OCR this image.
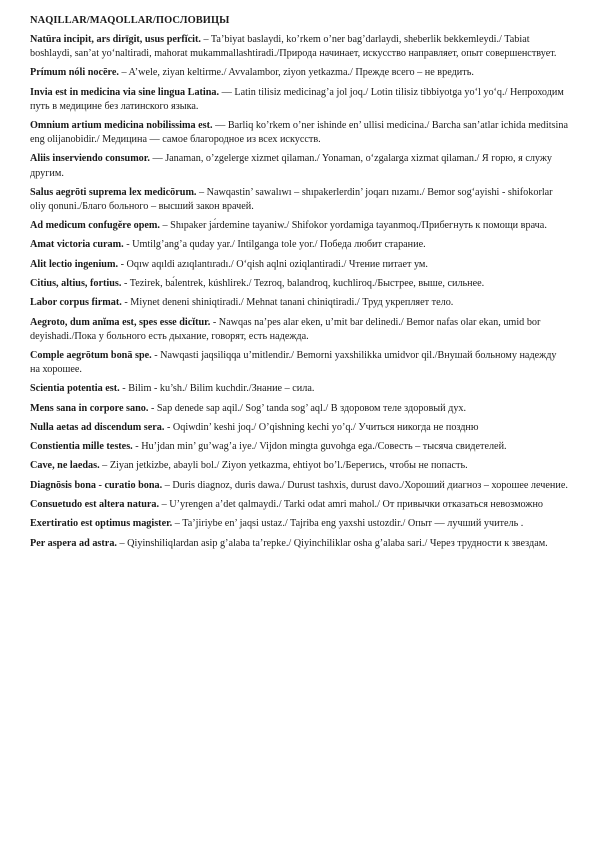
NAQILLAR/MAQOLLAR/ПОСЛОВИЦЫ

Natūra incipit, ars dirīgit, usus perfĭcit. – Ta’biyat baslaydi, ko’rkem o’ner bag’darlaydi, sheberlik bekkemleydi./ Tabiat boshlaydi, san’at yo‘naltiradi, mahorat mukammallashtiradi./Природа начинает, искусство направляет, опыт совершенствует.

Prímum nóli nocēre. – A’wele, ziyan keltirme./ Avvalambor, ziyon yetkazma./ Прежде всего – не вредить.

Invia est in medicina via sine lingua Latina. — Latin tilisiz medicinag’a jol joq./ Lotin tilisiz tibbiyotga yo‘l yo‘q./ Непроходим путь в медицине без латинского языка.

Omnium artium medicina nobilissima est. — Barliq ko’rkem o’ner ishinde en’ ullisi medicina./ Barcha san’atlar ichida meditsina eng olijanobidir./ Медицина — самое благородное из всех искусств.

Aliis inserviendo consumor. — Janaman, o’zgelerge xizmet qilaman./ Yonaman, o‘zgalarga xizmat qilaman./ Я горю, я служу другим.

Salus aegrōti suprema lex medicōrum. – Nawqastin’ sawalıwı – shıpakerlerdin’ joqarı nızamı./ Bemor sog‘ayishi - shifokorlar oliy qonuni./Благо больного – высший закон врачей.

Ad medicum confugĕre opem. – Shıpaker jа́rdemine tayaniw./ Shifokor yordamiga tayanmoq./Прибегнуть к помощи врача.

Amat victoria curam. - Umtilg’ang’a quday yar./ Intilganga tole yor./ Победа любит старание.

Alit lectio ingenium. - Oqıw aqıldi azıqlantıradı./ O‘qish aqlni oziqlantiradi./ Чтение питает ум.

Citius, altius, fortius. - Tezirek, bа́lentrek, kúshlirek./ Tezroq, balandroq, kuchliroq./Быстрее, выше, сильнее.

Labor corpus firmat. - Miynet deneni shiniqtiradi./ Mehnat tanani chiniqtiradi./ Труд укрепляет тело.

Aegroto, dum anĭma est, spes esse dicĭtur. - Nawqas na’pes alar eken, u’mit bar delinedi./ Bemor nafas olar ekan, umid bor deyishadi./Пока у больного есть дыхание, говорят, есть надежда.

Comple aegrōtum bonā spe. - Nawqasti jaqsiliqqa u’mitlendir./ Bemorni yaxshilikka umidvor qil./Внушай больному надежду на хорошее.

Scientia potentia est. - Bilim - ku’sh./ Bilim kuchdir./Знание – сила.

Mens sana in corpore sano. - Sap denede sap aqil./ Sog’ tanda sog’ aql./ В здоровом теле здоровый дух.

Nulla aetas ad discendum sera. - Oqiwdin’ keshi joq./ O’qishning kechi yo’q./ Учиться никогда не поздню

Constientia mille testes. - Hu’jdan min’ gu’wag’a iye./ Vijdon mingta guvohga ega./Совесть – тысяча свидетелей.

Cave, ne laedas. – Ziyan jetkizbe, abayli bol./ Ziyon yetkazma, ehtiyot bo’l./Берегись, чтобы не попасть.

Diagnōsis bona - curatio bona. – Duris diagnoz, duris dawa./ Durust tashxis, durust davo./Хороший диагноз – хорошее лечение.

Consuetudo est altera natura. – U’yrengen a’det qalmaydi./ Tarki odat amri mahol./ От привычки отказаться невозможно

Exertiratio est optimus magister. – Ta’jiriybe en’ jaqsi ustaz./ Tajriba eng yaxshi ustozdir./ Опыт — лучший учитель .

Per aspera ad astra. – Qiyinshiliqlardan asip g’alaba ta’repke./ Qiyinchiliklar osha g’alaba sari./ Через трудности к звездам.
